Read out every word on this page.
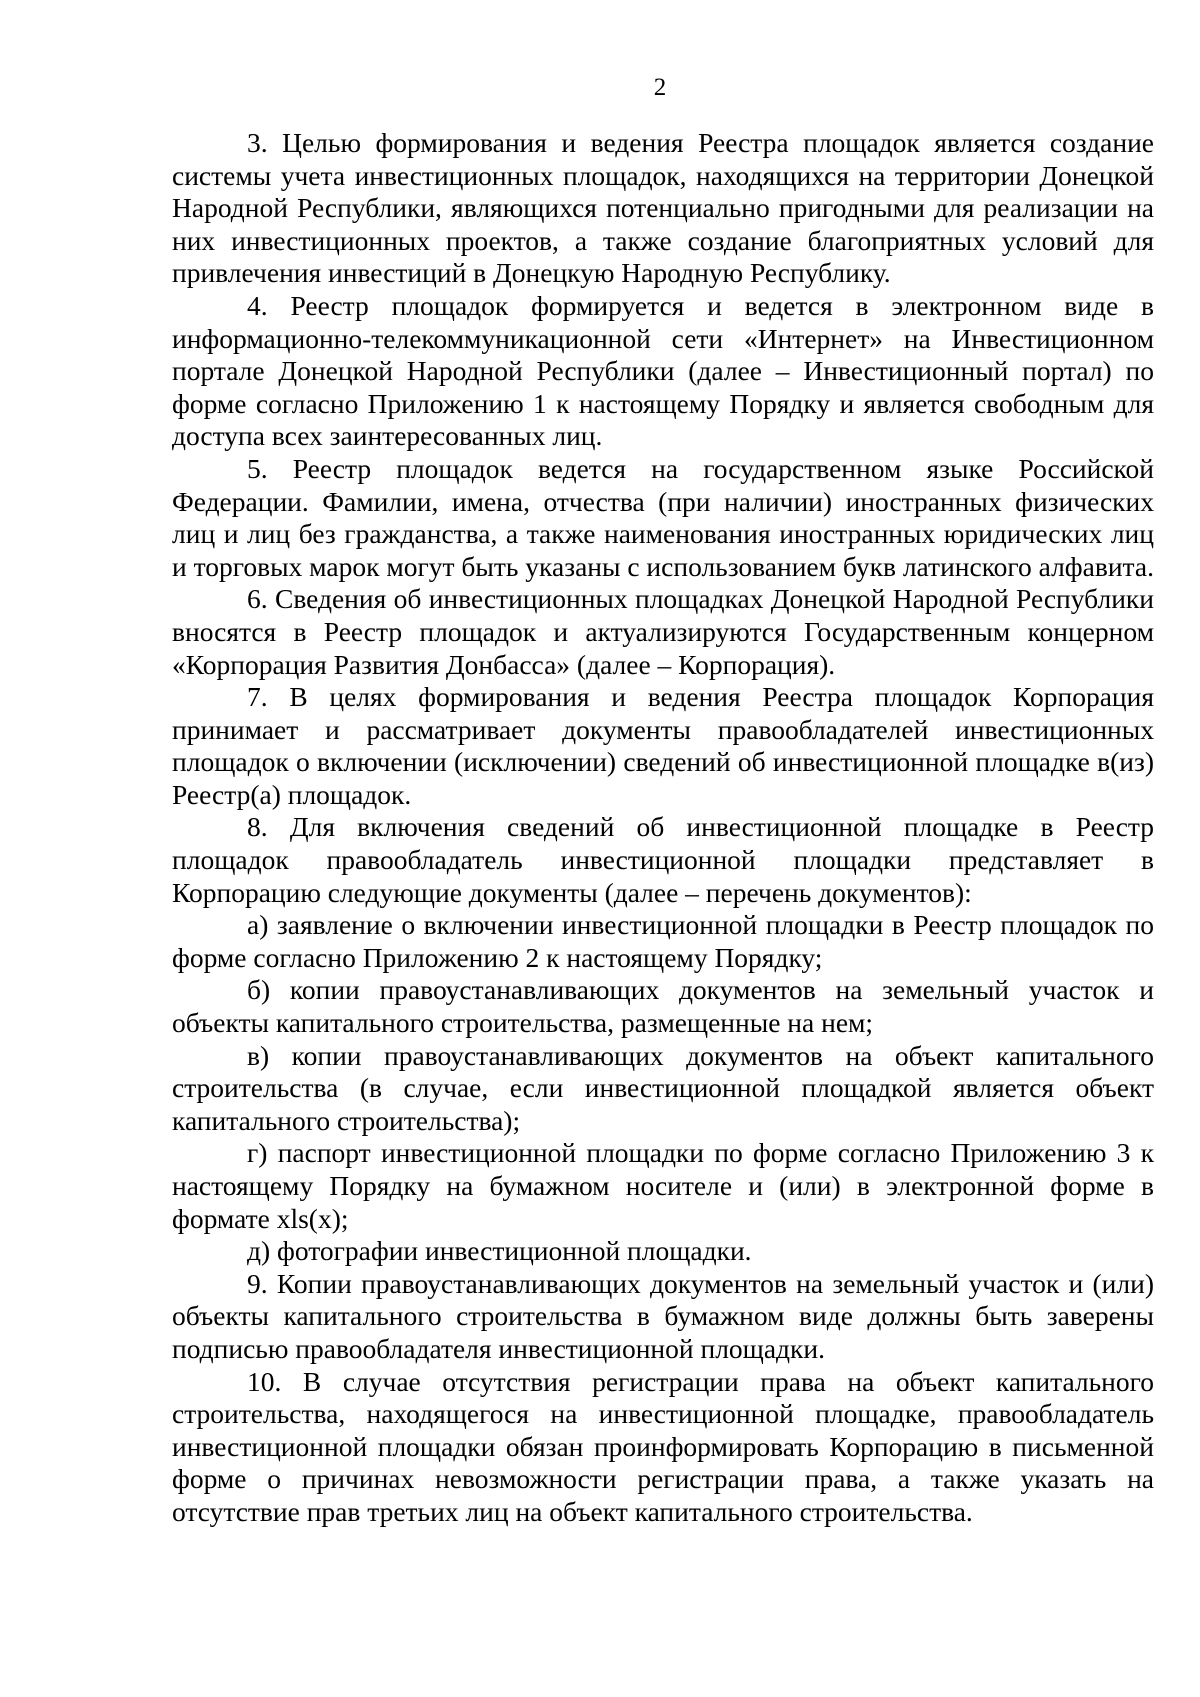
2

3. Целью формирования и ведения Реестра площадок является создание системы учета инвестиционных площадок, находящихся на территории Донецкой Народной Республики, являющихся потенциально пригодными для реализации на них инвестиционных проектов, а также создание благоприятных условий для привлечения инвестиций в Донецкую Народную Республику.

4. Реестр площадок формируется и ведется в электронном виде в информационно-телекоммуникационной сети «Интернет» на Инвестиционном портале Донецкой Народной Республики (далее – Инвестиционный портал) по форме согласно Приложению 1 к настоящему Порядку и является свободным для доступа всех заинтересованных лиц.

5. Реестр площадок ведется на государственном языке Российской Федерации. Фамилии, имена, отчества (при наличии) иностранных физических лиц и лиц без гражданства, а также наименования иностранных юридических лиц и торговых марок могут быть указаны с использованием букв латинского алфавита.

6. Сведения об инвестиционных площадках Донецкой Народной Республики вносятся в Реестр площадок и актуализируются Государственным концерном «Корпорация Развития Донбасса» (далее – Корпорация).

7. В целях формирования и ведения Реестра площадок Корпорация принимает и рассматривает документы правообладателей инвестиционных площадок о включении (исключении) сведений об инвестиционной площадке в(из) Реестр(а) площадок.

8. Для включения сведений об инвестиционной площадке в Реестр площадок правообладатель инвестиционной площадки представляет в Корпорацию следующие документы (далее – перечень документов):

а) заявление о включении инвестиционной площадки в Реестр площадок по форме согласно Приложению 2 к настоящему Порядку;

б) копии правоустанавливающих документов на земельный участок и объекты капитального строительства, размещенные на нем;

в) копии правоустанавливающих документов на объект капитального строительства (в случае, если инвестиционной площадкой является объект капитального строительства);

г) паспорт инвестиционной площадки по форме согласно Приложению 3 к настоящему Порядку на бумажном носителе и (или) в электронной форме в формате xls(x);

д) фотографии инвестиционной площадки.

9. Копии правоустанавливающих документов на земельный участок и (или) объекты капитального строительства в бумажном виде должны быть заверены подписью правообладателя инвестиционной площадки.

10. В случае отсутствия регистрации права на объект капитального строительства, находящегося на инвестиционной площадке, правообладатель инвестиционной площадки обязан проинформировать Корпорацию в письменной форме о причинах невозможности регистрации права, а также указать на отсутствие прав третьих лиц на объект капитального строительства.
